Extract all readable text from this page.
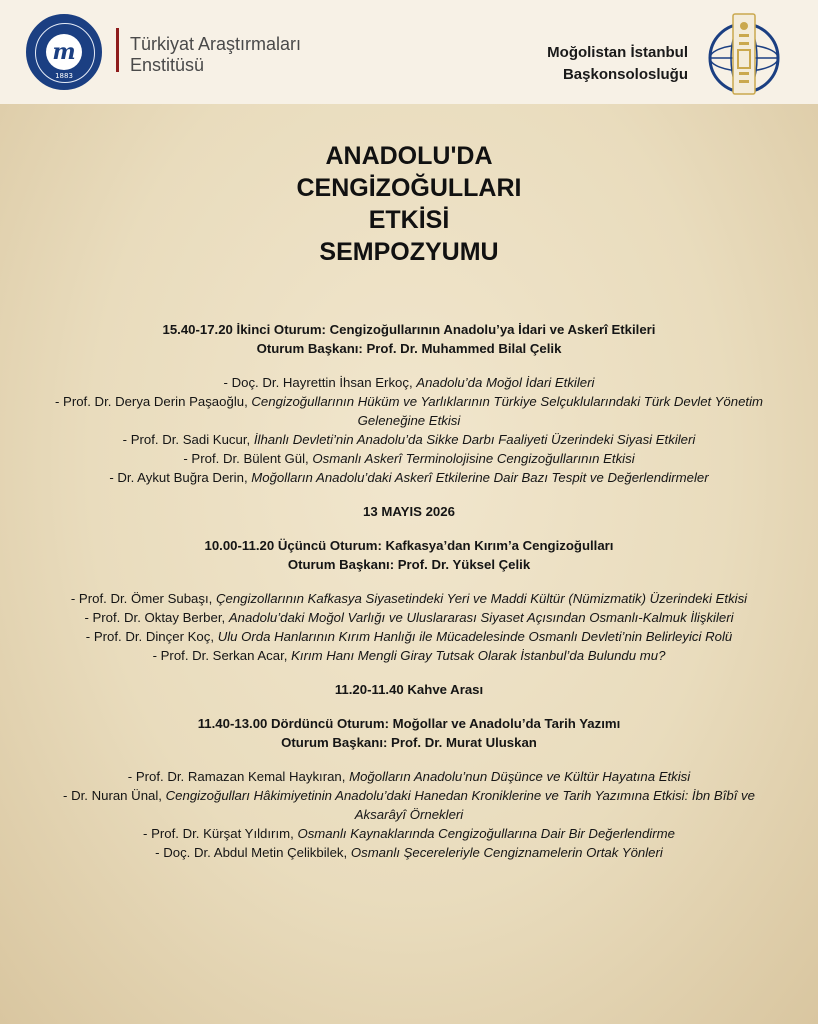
m
1883
Türkiyat Araştırmaları
Enstitüsü
Moğolistan İstanbul
Başkonsolosluğu
ANADOLU'DA
CENGİZOĞULLARI
ETKİSİ
SEMPOZYUMU
15.40-17.20 İkinci Oturum: Cengizoğullarının Anadolu’ya İdari ve Askerî Etkileri
Oturum Başkanı: Prof. Dr. Muhammed Bilal Çelik
- Doç. Dr. Hayrettin İhsan Erkoç, Anadolu’da Moğol İdari Etkileri
- Prof. Dr. Derya Derin Paşaoğlu, Cengizoğullarının Hüküm ve Yarlıklarının Türkiye Selçuklularındaki Türk Devlet Yönetim Geleneğine Etkisi
- Prof. Dr. Sadi Kucur, İlhanlı Devleti’nin Anadolu’da Sikke Darbı Faaliyeti Üzerindeki Siyasi Etkileri
- Prof. Dr. Bülent Gül, Osmanlı Askerî Terminolojisine Cengizoğullarının Etkisi
- Dr. Aykut Buğra Derin, Moğolların Anadolu’daki Askerî Etkilerine Dair Bazı Tespit ve Değerlendirmeler
13 MAYIS 2026
10.00-11.20 Üçüncü Oturum: Kafkasya’dan Kırım’a Cengizoğulları
Oturum Başkanı: Prof. Dr. Yüksel Çelik
- Prof. Dr. Ömer Subaşı, Çengizollarının Kafkasya Siyasetindeki Yeri ve Maddi Kültür (Nümizmatik) Üzerindeki Etkisi
- Prof. Dr. Oktay Berber, Anadolu’daki Moğol Varlığı ve Uluslararası Siyaset Açısından Osmanlı-Kalmuk İlişkileri
- Prof. Dr. Dinçer Koç, Ulu Orda Hanlarının Kırım Hanlığı ile Mücadelesinde Osmanlı Devleti’nin Belirleyici Rolü
- Prof. Dr. Serkan Acar, Kırım Hanı Mengli Giray Tutsak Olarak İstanbul’da Bulundu mu?
11.20-11.40 Kahve Arası
11.40-13.00 Dördüncü Oturum: Moğollar ve Anadolu’da Tarih Yazımı
Oturum Başkanı: Prof. Dr. Murat Uluskan
- Prof. Dr. Ramazan Kemal Haykıran, Moğolların Anadolu’nun Düşünce ve Kültür Hayatına Etkisi
- Dr. Nuran Ünal, Cengizoğulları Hâkimiyetinin Anadolu’daki Hanedan Kroniklerine ve Tarih Yazımına Etkisi: İbn Bîbî ve Aksarâyî Örnekleri
- Prof. Dr. Kürşat Yıldırım, Osmanlı Kaynaklarında Cengizoğullarına Dair Bir Değerlendirme
- Doç. Dr. Abdul Metin Çelikbilek, Osmanlı Şecereleriyle Cengiznamelerin Ortak Yönleri
